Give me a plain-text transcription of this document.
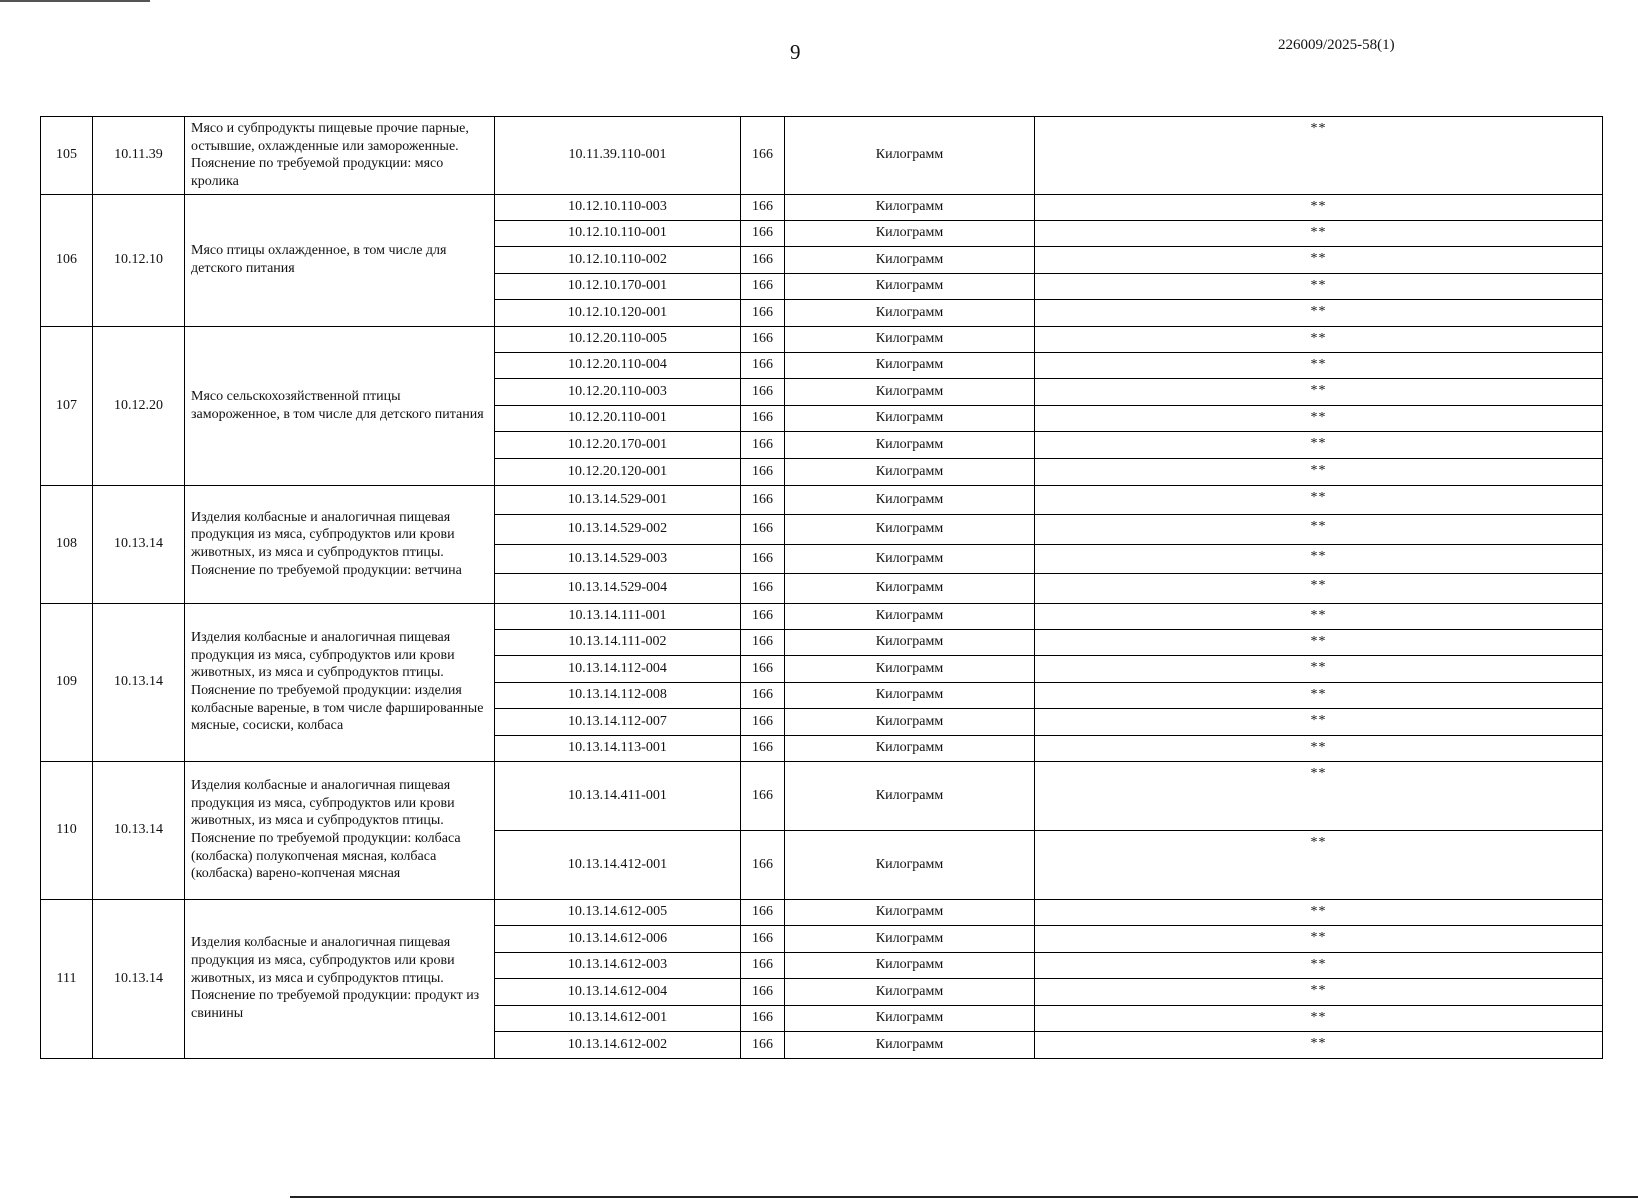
9	226009/2025-58(1)
105	10.11.39	Мясо и субпродукты пищевые прочие парные, остывшие, охлажденные или замороженные. Пояснение по требуемой продукции: мясо кролика	10.11.39.110-001	166	Килограмм	**
106	10.12.10	Мясо птицы охлажденное, в том числе для детского питания	10.12.10.110-003	166	Килограмм	**
			10.12.10.110-001	166	Килограмм	**
			10.12.10.110-002	166	Килограмм	**
			10.12.10.170-001	166	Килограмм	**
			10.12.10.120-001	166	Килограмм	**
107	10.12.20	Мясо сельскохозяйственной птицы замороженное, в том числе для детского питания	10.12.20.110-005	166	Килограмм	**
			10.12.20.110-004	166	Килограмм	**
			10.12.20.110-003	166	Килограмм	**
			10.12.20.110-001	166	Килограмм	**
			10.12.20.170-001	166	Килограмм	**
			10.12.20.120-001	166	Килограмм	**
108	10.13.14	Изделия колбасные и аналогичная пищевая продукция из мяса, субпродуктов или крови животных, из мяса и субпродуктов птицы. Пояснение по требуемой продукции: ветчина	10.13.14.529-001	166	Килограмм	**
			10.13.14.529-002	166	Килограмм	**
			10.13.14.529-003	166	Килограмм	**
			10.13.14.529-004	166	Килограмм	**
109	10.13.14	Изделия колбасные и аналогичная пищевая продукция из мяса, субпродуктов или крови животных, из мяса и субпродуктов птицы. Пояснение по требуемой продукции: изделия колбасные вареные, в том числе фаршированные мясные, сосиски, колбаса	10.13.14.111-001	166	Килограмм	**
			10.13.14.111-002	166	Килограмм	**
			10.13.14.112-004	166	Килограмм	**
			10.13.14.112-008	166	Килограмм	**
			10.13.14.112-007	166	Килограмм	**
			10.13.14.113-001	166	Килограмм	**
110	10.13.14	Изделия колбасные и аналогичная пищевая продукция из мяса, субпродуктов или крови животных, из мяса и субпродуктов птицы. Пояснение по требуемой продукции: колбаса (колбаска) полукопченая мясная, колбаса (колбаска) варено-копченая мясная	10.13.14.411-001	166	Килограмм	**
			10.13.14.412-001	166	Килограмм	**
111	10.13.14	Изделия колбасные и аналогичная пищевая продукция из мяса, субпродуктов или крови животных, из мяса и субпродуктов птицы. Пояснение по требуемой продукции: продукт из свинины	10.13.14.612-005	166	Килограмм	**
			10.13.14.612-006	166	Килограмм	**
			10.13.14.612-003	166	Килограмм	**
			10.13.14.612-004	166	Килограмм	**
			10.13.14.612-001	166	Килограмм	**
			10.13.14.612-002	166	Килограмм	**
